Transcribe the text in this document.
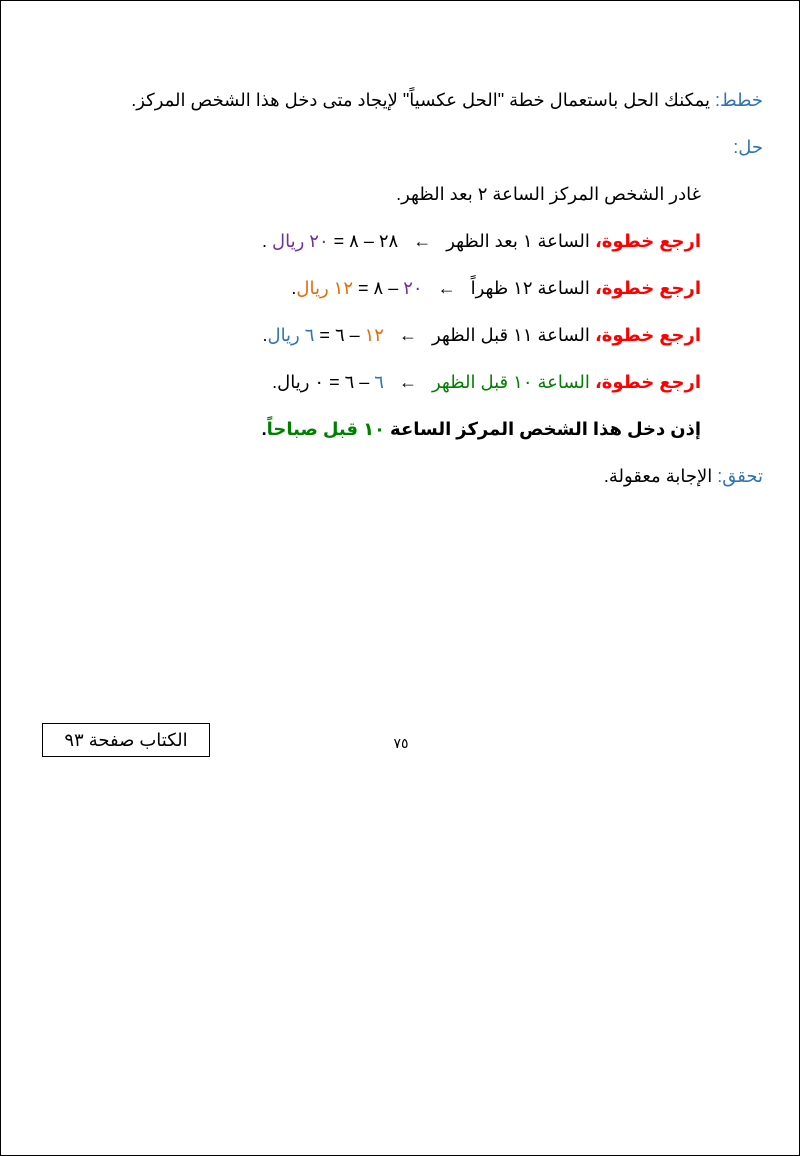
خطط: يمكنك الحل باستعمال خطة "الحل عكسياً" لإيجاد متى دخل هذا الشخص المركز.
حل:
غادر الشخص المركز الساعة ٢ بعد الظهر.
ارجع خطوة، الساعة ١ بعد الظهر ← ٢٨ – ٨ = ٢٠ ريال .
ارجع خطوة، الساعة ١٢ ظهراً ← ٢٠ – ٨ = ١٢ ريال.
ارجع خطوة، الساعة ١١ قبل الظهر ← ١٢ – ٦ = ٦ ريال.
ارجع خطوة، الساعة ١٠ قبل الظهر ← ٦ – ٦ = ٠ ريال.
إذن دخل هذا الشخص المركز الساعة ١٠ قبل صباحاً.
تحقق: الإجابة معقولة.
الكتاب صفحة ٩٣	٧٥
